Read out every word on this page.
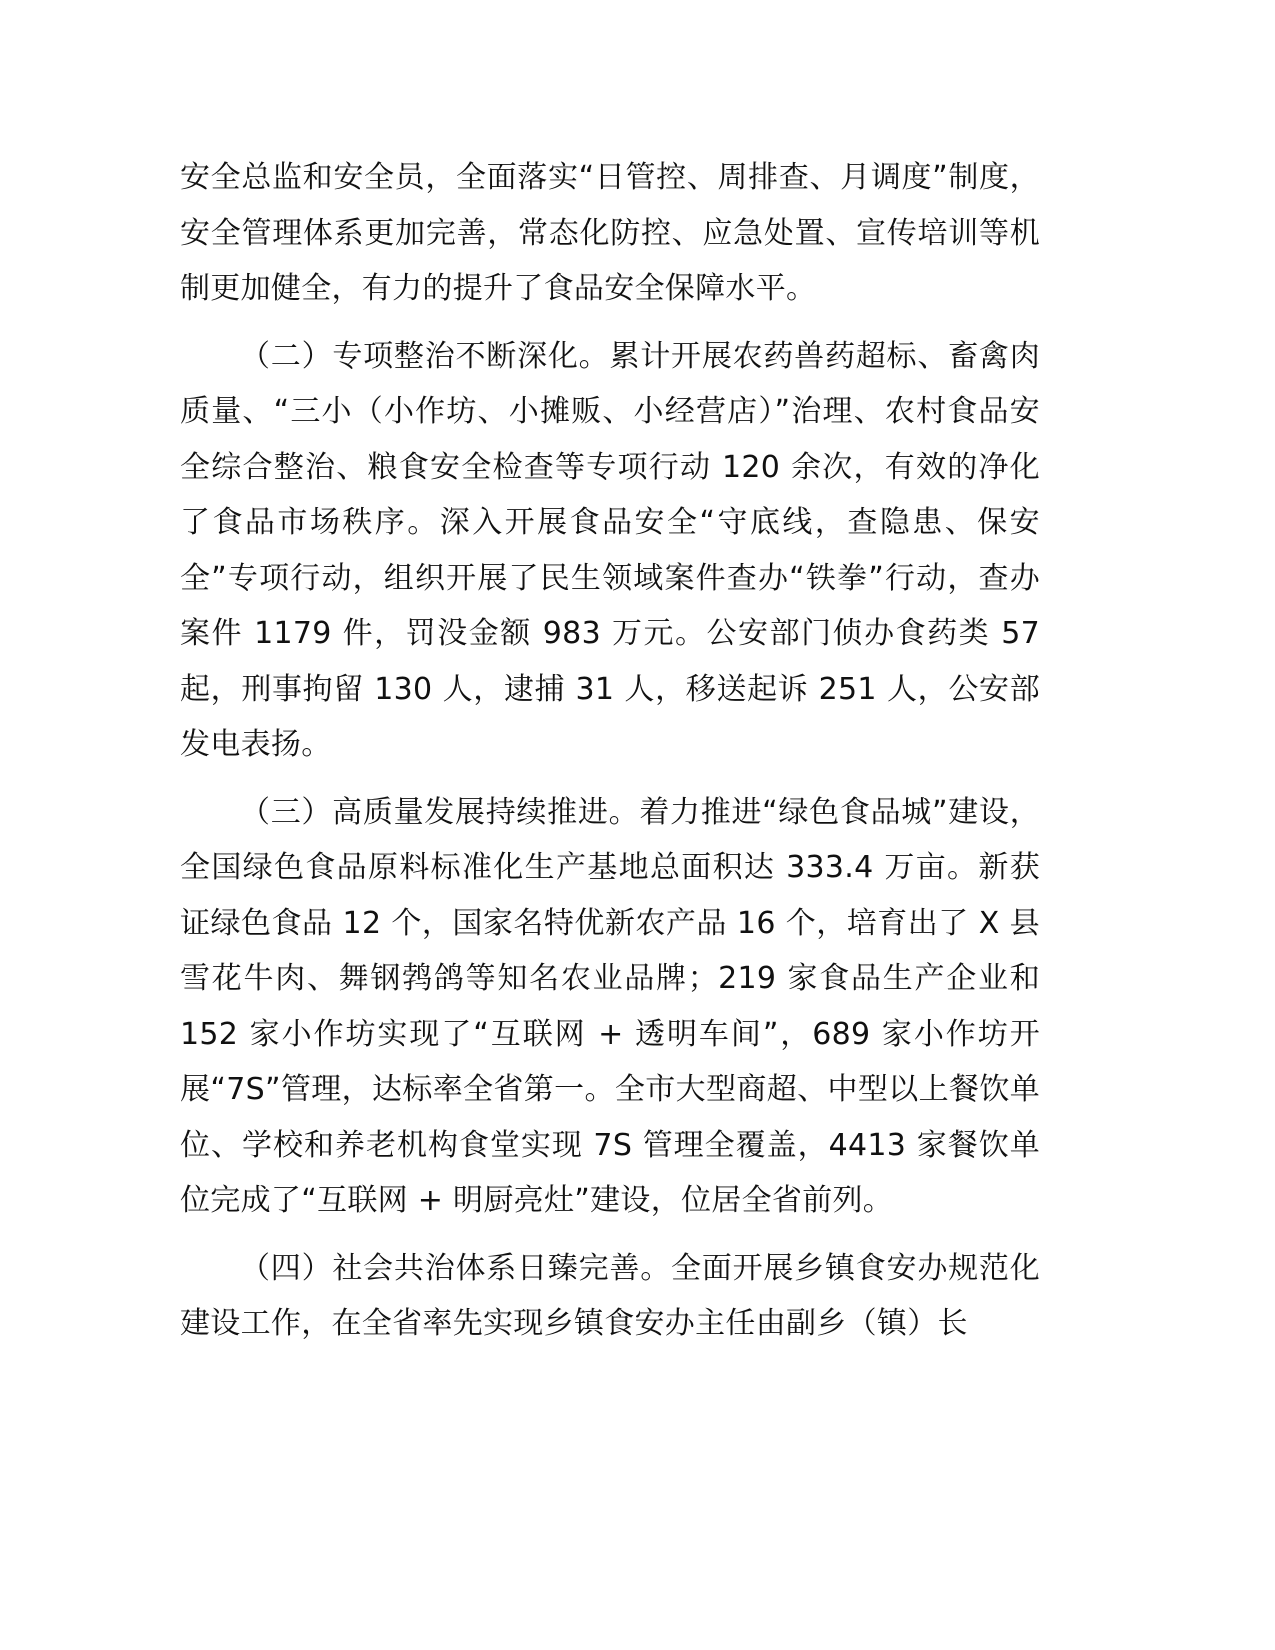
安全总监和安全员，全面落实“日管控、周排查、月调度”制度，安全管理体系更加完善，常态化防控、应急处置、宣传培训等机制更加健全，有力的提升了食品安全保障水平。

（二）专项整治不断深化。累计开展农药兽药超标、畜禽肉质量、“三小（小作坊、小摊贩、小经营店）”治理、农村食品安全综合整治、粮食安全检查等专项行动 120 余次，有效的净化了食品市场秩序。深入开展食品安全“守底线，查隐患、保安全”专项行动，组织开展了民生领域案件查办“铁拳”行动，查办案件 1179 件，罚没金额 983 万元。公安部门侦办食药类 57 起，刑事拘留 130 人，逮捕 31 人，移送起诉 251 人，公安部发电表扬。

（三）高质量发展持续推进。着力推进“绿色食品城”建设，全国绿色食品原料标准化生产基地总面积达 333.4 万亩。新获证绿色食品 12 个，国家名特优新农产品 16 个，培育出了 X 县雪花牛肉、舞钢鹁鸽等知名农业品牌；219 家食品生产企业和 152 家小作坊实现了“互联网 + 透明车间”，689 家小作坊开展“7S”管理，达标率全省第一。全市大型商超、中型以上餐饮单位、学校和养老机构食堂实现 7S 管理全覆盖，4413 家餐饮单位完成了“互联网 + 明厨亮灶”建设，位居全省前列。

（四）社会共治体系日臻完善。全面开展乡镇食安办规范化建设工作，在全省率先实现乡镇食安办主任由副乡（镇）长
